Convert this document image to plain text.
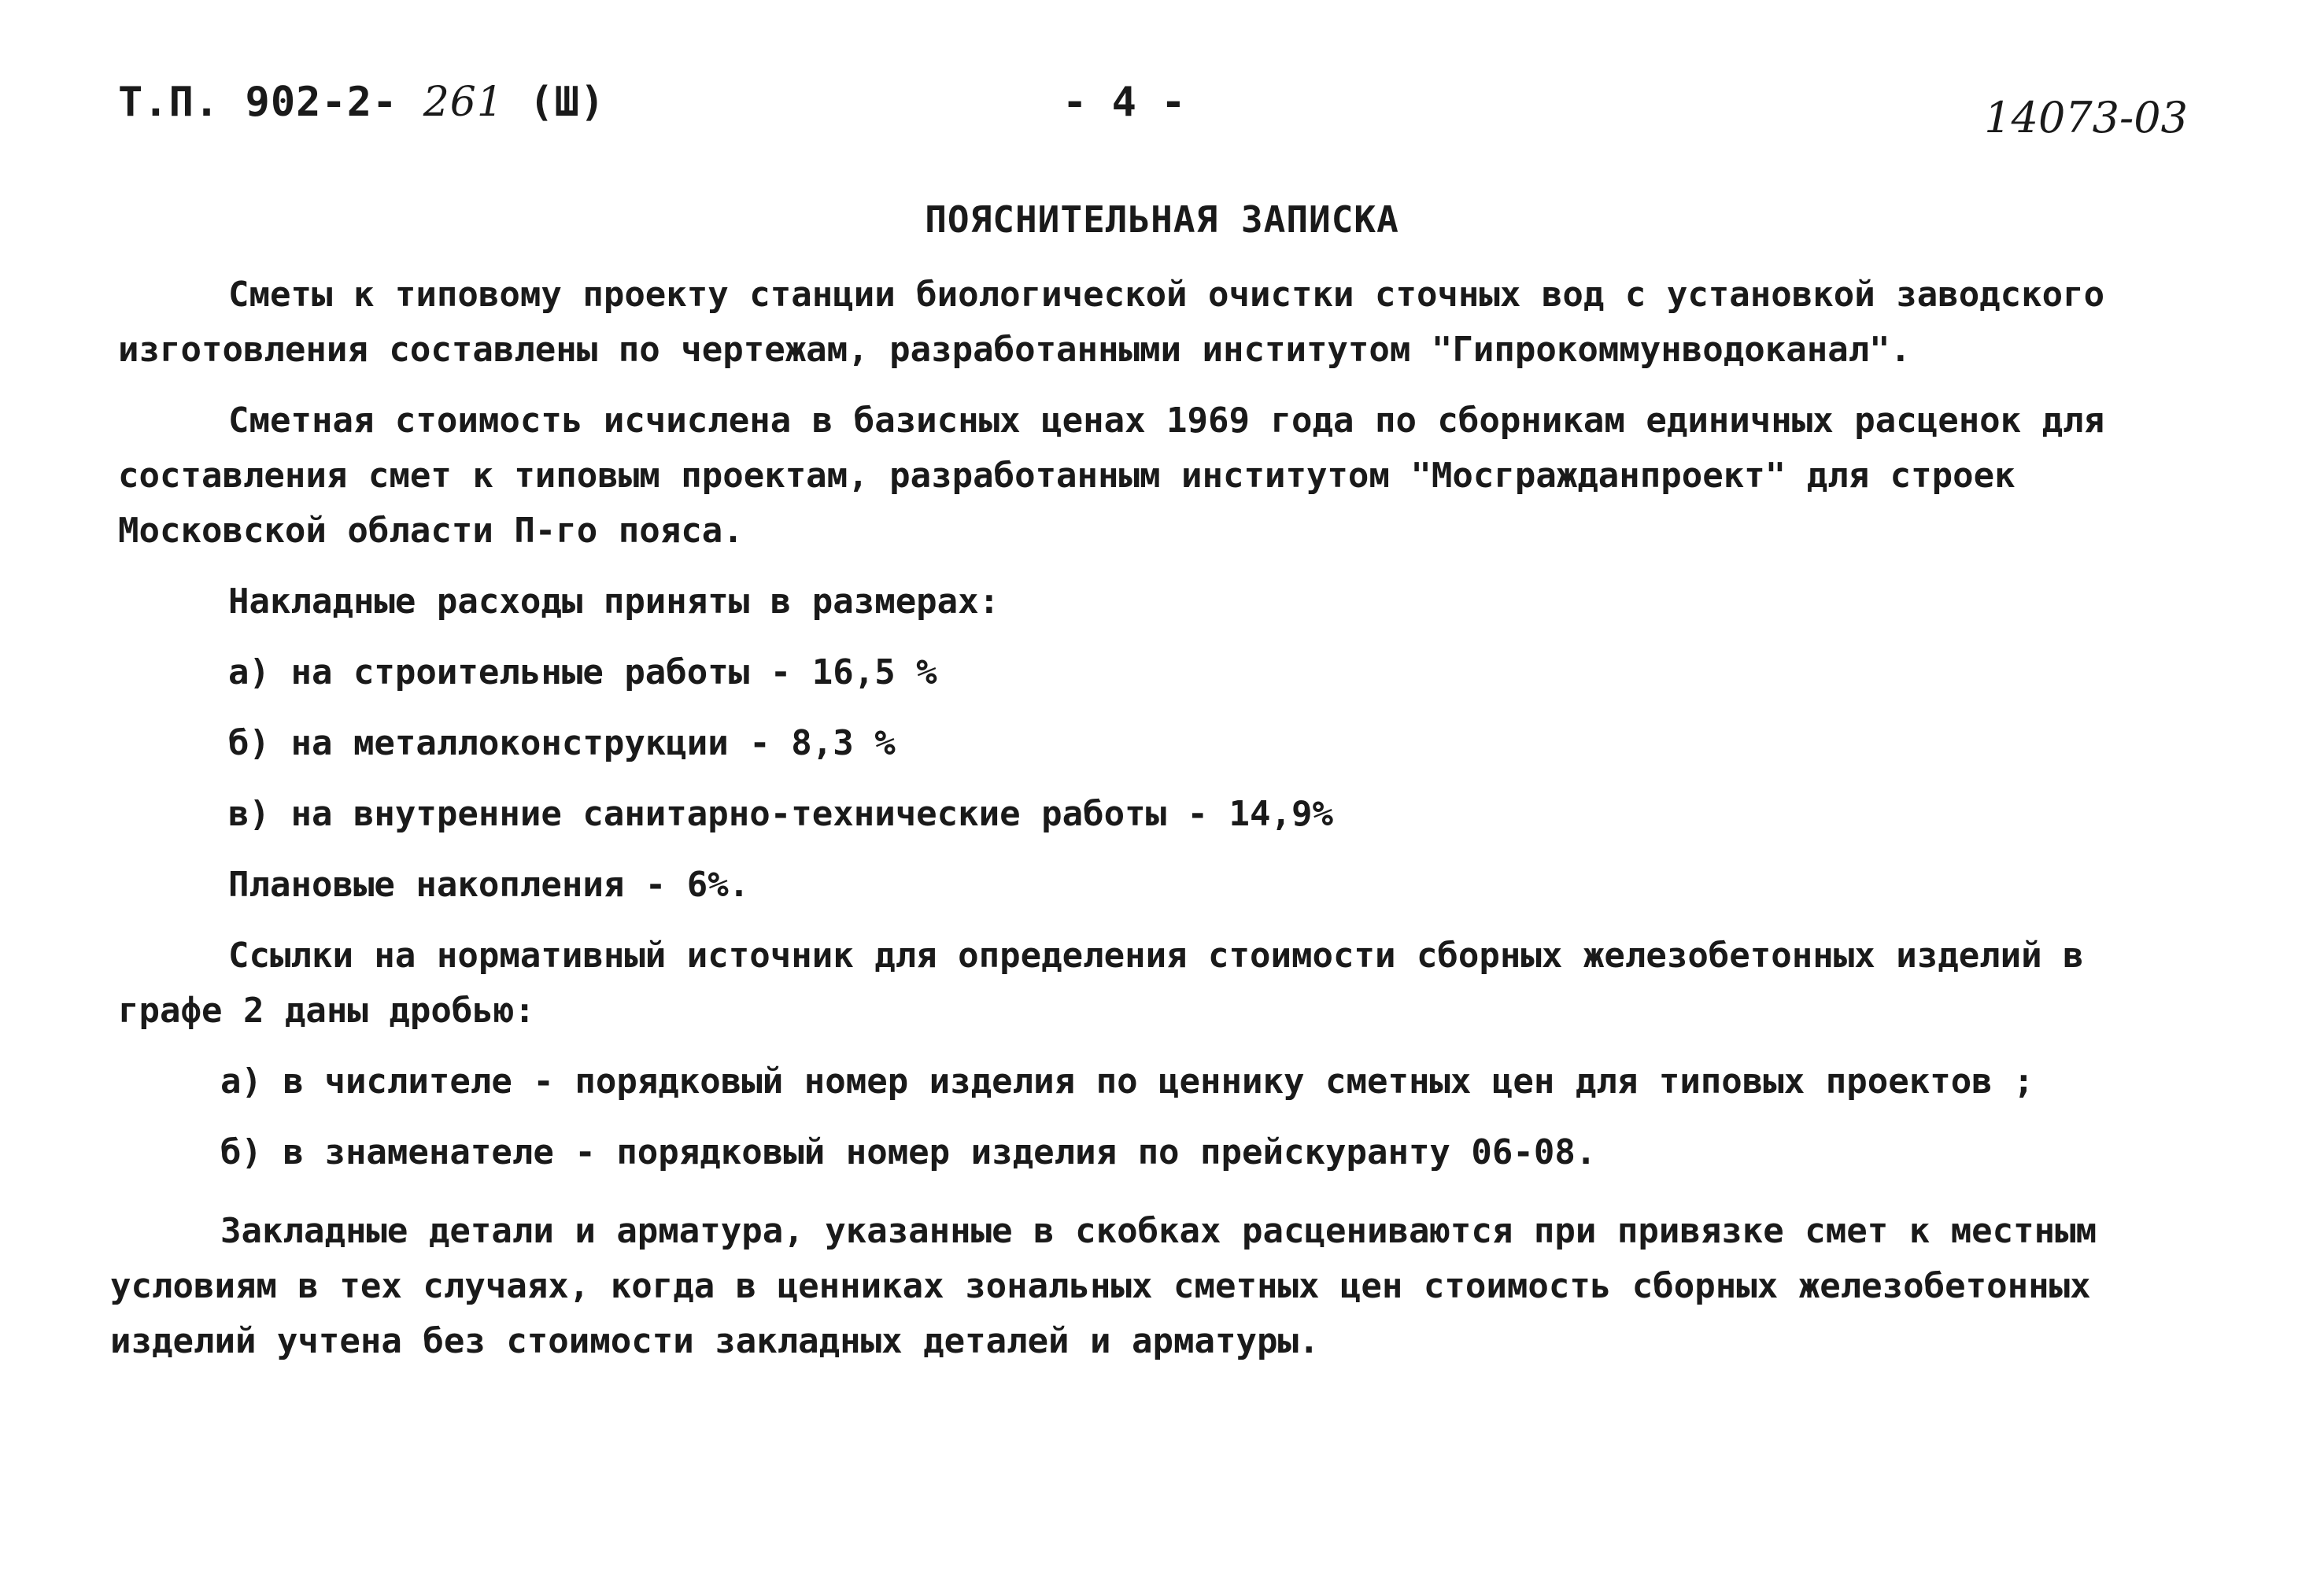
Т.П. 902-2- 261 (Ш)	- 4 -	14073-03
ПОЯСНИТЕЛЬНАЯ ЗАПИСКА
Сметы к типовому проекту станции биологической очистки сточных вод с установкой заводского
изготовления составлены по чертежам, разработанными институтом "Гипрокоммунводоканал".
Сметная стоимость исчислена в базисных ценах 1969 года по сборникам единичных расценок для
составления смет к типовым проектам, разработанным институтом "Мосгражданпроект" для строек
Московской области П-го пояса.
Накладные расходы приняты в размерах:
а) на строительные работы - 16,5 %
б) на металлоконструкции - 8,3 %
в) на внутренние санитарно-технические работы - 14,9%
Плановые накопления - 6%.
Ссылки на нормативный источник для определения стоимости сборных железобетонных изделий в
графе 2 даны дробью:
а) в числителе - порядковый номер изделия по ценнику сметных цен для типовых проектов ;
б) в знаменателе - порядковый номер изделия по прейскуранту 06-08.
Закладные детали и арматура, указанные в скобках расцениваются при привязке смет к местным
условиям в тех случаях, когда в ценниках зональных сметных цен стоимость сборных железобетонных
изделий учтена без стоимости закладных деталей и арматуры.
